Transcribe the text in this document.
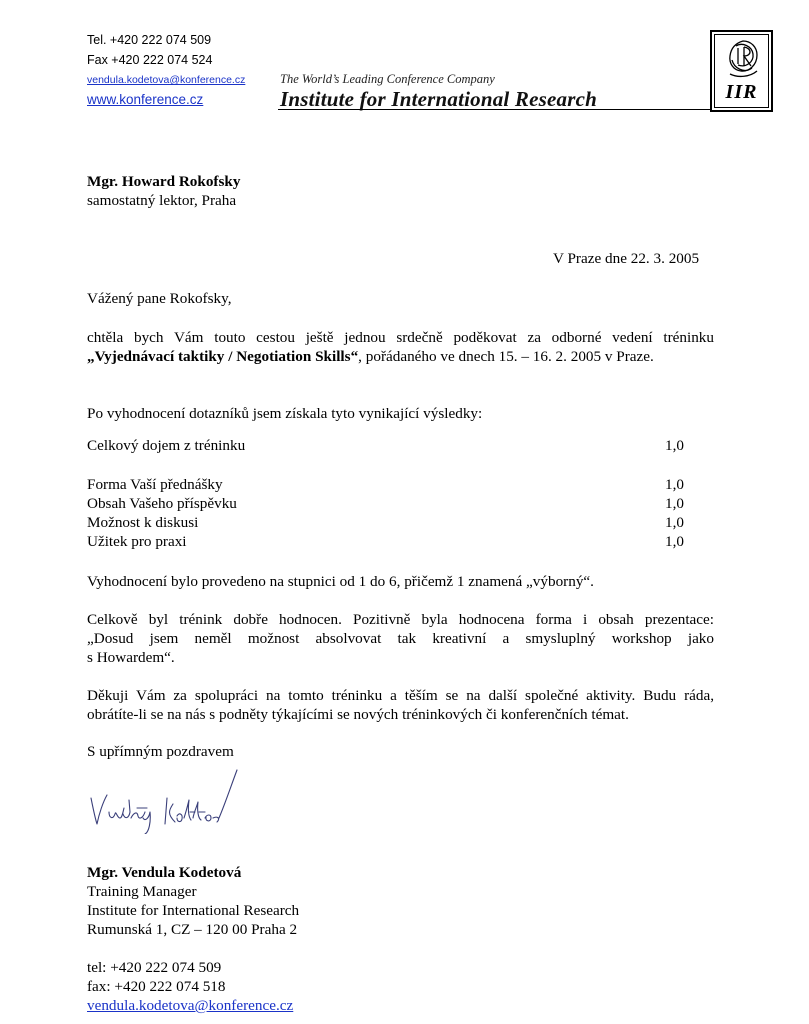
Tel. +420 222 074 509
Fax +420 222 074 524
vendula.kodetova@konference.cz
www.konference.cz
The World’s Leading Conference Company
Institute for International Research	IIR
Mgr. Howard Rokofsky
samostatný lektor, Praha
V Praze dne 22. 3. 2005
Vážený pane Rokofsky,
chtěla bych Vám touto cestou ještě jednou srdečně poděkovat za odborné vedení tréninku
„Vyjednávací taktiky / Negotiation Skills“, pořádaného ve dnech 15. – 16. 2. 2005 v Praze.
Po vyhodnocení dotazníků jsem získala tyto vynikající výsledky:
Celkový dojem z tréninku	1,0
Forma Vaší přednášky	1,0
Obsah Vašeho příspěvku	1,0
Možnost k diskusi	1,0
Užitek pro praxi	1,0
Vyhodnocení bylo provedeno na stupnici od 1 do 6, přičemž 1 znamená „výborný“.
Celkově byl trénink dobře hodnocen. Pozitivně byla hodnocena forma i obsah prezentace:
„Dosud jsem neměl možnost absolvovat tak kreativní a smysluplný workshop jako
s Howardem“.
Děkuji Vám za spolupráci na tomto tréninku a těším se na další společné aktivity. Budu ráda,
obrátíte-li se na nás s podněty týkajícími se nových tréninkových či konferenčních témat.
S upřímným pozdravem
Mgr. Vendula Kodetová
Training Manager
Institute for International Research
Rumunská 1, CZ – 120 00 Praha 2
tel: +420 222 074 509
fax: +420 222 074 518
vendula.kodetova@konference.cz
